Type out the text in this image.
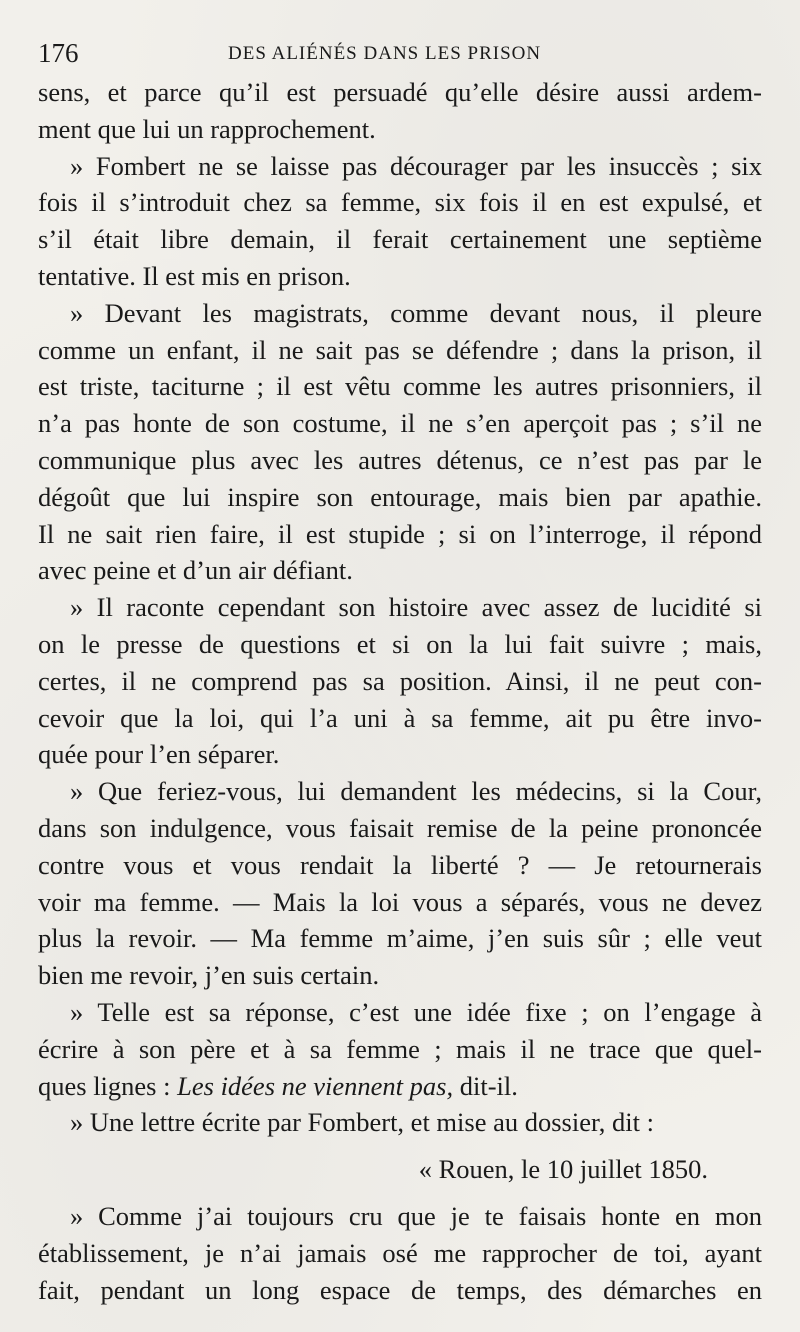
176	DES ALIÉNÉS DANS LES PRISON
sens, et parce qu’il est persuadé qu’elle désire aussi ardem-
ment que lui un rapprochement.
» Fombert ne se laisse pas décourager par les insuccès ; six
fois il s’introduit chez sa femme, six fois il en est expulsé, et
s’il était libre demain, il ferait certainement une septième
tentative. Il est mis en prison.
» Devant les magistrats, comme devant nous, il pleure
comme un enfant, il ne sait pas se défendre ; dans la prison, il
est triste, taciturne ; il est vêtu comme les autres prisonniers, il
n’a pas honte de son costume, il ne s’en aperçoit pas ; s’il ne
communique plus avec les autres détenus, ce n’est pas par le
dégoût que lui inspire son entourage, mais bien par apathie.
Il ne sait rien faire, il est stupide ; si on l’interroge, il répond
avec peine et d’un air défiant.
» Il raconte cependant son histoire avec assez de lucidité si
on le presse de questions et si on la lui fait suivre ; mais,
certes, il ne comprend pas sa position. Ainsi, il ne peut con-
cevoir que la loi, qui l’a uni à sa femme, ait pu être invo-
quée pour l’en séparer.
» Que feriez-vous, lui demandent les médecins, si la Cour,
dans son indulgence, vous faisait remise de la peine prononcée
contre vous et vous rendait la liberté ? — Je retournerais
voir ma femme. — Mais la loi vous a séparés, vous ne devez
plus la revoir. — Ma femme m’aime, j’en suis sûr ; elle veut
bien me revoir, j’en suis certain.
» Telle est sa réponse, c’est une idée fixe ; on l’engage à
écrire à son père et à sa femme ; mais il ne trace que quel-
ques lignes : Les idées ne viennent pas, dit-il.
» Une lettre écrite par Fombert, et mise au dossier, dit :
« Rouen, le 10 juillet 1850.
» Comme j’ai toujours cru que je te faisais honte en mon
établissement, je n’ai jamais osé me rapprocher de toi, ayant
fait, pendant un long espace de temps, des démarches en
